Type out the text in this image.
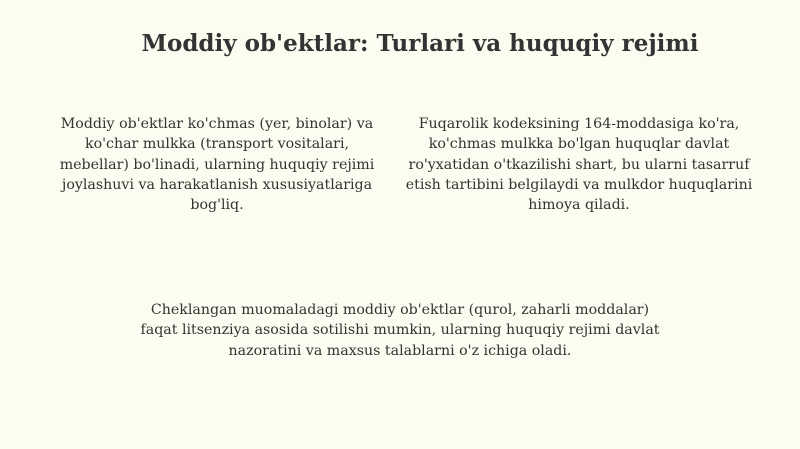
Moddiy ob'ektlar: Turlari va huquqiy rejimi

Moddiy ob'ektlar ko'chmas (yer, binolar) va ko'char mulkka (transport vositalari, mebellar) bo'linadi, ularning huquqiy rejimi joylashuvi va harakatlanish xususiyatlariga bog'liq.

Fuqarolik kodeksining 164-moddasiga ko'ra, ko'chmas mulkka bo'lgan huquqlar davlat ro'yxatidan o'tkazilishi shart, bu ularni tasarruf etish tartibini belgilaydi va mulkdor huquqlarini himoya qiladi.

Cheklangan muomaladagi moddiy ob'ektlar (qurol, zaharli moddalar) faqat litsenziya asosida sotilishi mumkin, ularning huquqiy rejimi davlat nazoratini va maxsus talablarni o'z ichiga oladi.
